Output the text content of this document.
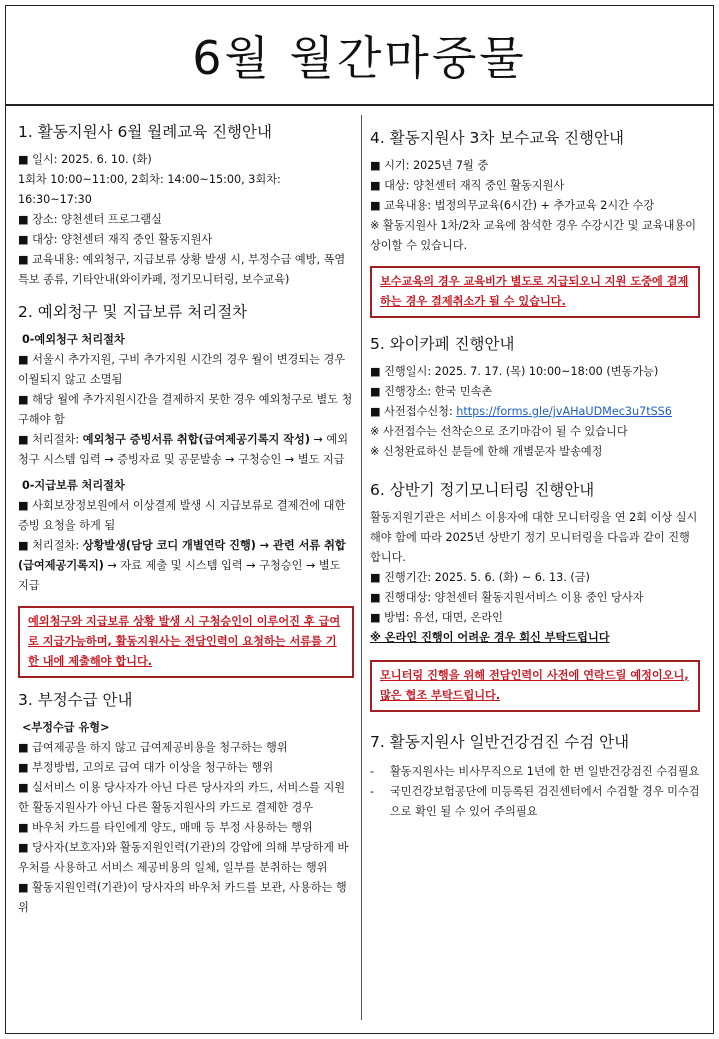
6월 월간마중물
1. 활동지원사 6월 월례교육 진행안내
■ 일시: 2025. 6. 10. (화)
1회차 10:00~11:00, 2회차: 14:00~15:00, 3회차: 16:30~17:30
■ 장소: 양천센터 프로그램실
■ 대상: 양천센터 재직 중인 활동지원사
■ 교육내용: 예외청구, 지급보류 상황 발생 시, 부정수급 예방, 폭염특보 종류, 기타안내(와이카페, 정기모니터링, 보수교육)
2. 예외청구 및 지급보류 처리절차
0-예외청구 처리절차
■ 서울시 추가지원, 구비 추가지원 시간의 경우 월이 변경되는 경우 이월되지 않고 소멸됨
■ 해당 월에 추가지원시간을 결제하지 못한 경우 예외청구로 별도 청구해야 함
■ 처리절차: 예외청구 증빙서류 취합(급여제공기록지 작성) → 예외청구 시스템 입력 → 증빙자료 및 공문발송 → 구청승인 → 별도 지급
0-지급보류 처리절차
■ 사회보장정보원에서 이상결제 발생 시 지급보류로 결제건에 대한 증빙 요청을 하게 됨
■ 처리절차: 상황발생(담당 코디 개별연락 진행) → 관련 서류 취합(급여제공기록지) → 자료 제출 및 시스템 입력 → 구청승인 → 별도 지급
예외청구와 지급보류 상황 발생 시 구청승인이 이루어진 후 급여로 지급가능하며, 활동지원사는 전담인력이 요청하는 서류를 기한 내에 제출해야 합니다.
3. 부정수급 안내
<부정수급 유형>
■ 급여제공을 하지 않고 급여제공비용을 청구하는 행위
■ 부정방법, 고의로 급여 대가 이상을 청구하는 행위
■ 실서비스 이용 당사자가 아닌 다른 당사자의 카드, 서비스를 지원한 활동지원사가 아닌 다른 활동지원사의 카드로 결제한 경우
■ 바우처 카드를 타인에게 양도, 매매 등 부정 사용하는 행위
■ 당사자(보호자)와 활동지원인력(기관)의 강압에 의해 부당하게 바우처를 사용하고 서비스 제공비용의 일체, 일부를 분취하는 행위
■ 활동지원인력(기관)이 당사자의 바우처 카드를 보관, 사용하는 행위
4. 활동지원사 3차 보수교육 진행안내
■ 시기: 2025년 7월 중
■ 대상: 양천센터 재직 중인 활동지원사
■ 교육내용: 법정의무교육(6시간) + 추가교육 2시간 수강
※ 활동지원사 1차/2차 교육에 참석한 경우 수강시간 및 교육내용이 상이할 수 있습니다.
보수교육의 경우 교육비가 별도로 지급되오니 지원 도중에 결제하는 경우 결제취소가 될 수 있습니다.
5. 와이카페 진행안내
■ 진행일시: 2025. 7. 17. (목) 10:00~18:00 (변동가능)
■ 진행장소: 한국 민속촌
■ 사전접수신청: https://forms.gle/jvAHaUDMec3u7tSS6
※ 사전접수는 선착순으로 조기마감이 될 수 있습니다
※ 신청완료하신 분들에 한해 개별문자 발송예정
6. 상반기 정기모니터링 진행안내
활동지원기관은 서비스 이용자에 대한 모니터링을 연 2회 이상 실시해야 함에 따라 2025년 상반기 정기 모니터링을 다음과 같이 진행합니다.
■ 진행기간: 2025. 5. 6. (화) ~ 6. 13. (금)
■ 진행대상: 양천센터 활동지원서비스 이용 중인 당사자
■ 방법: 유선, 대면, 온라인
※ 온라인 진행이 어려운 경우 회신 부탁드립니다
모니터링 진행을 위해 전담인력이 사전에 연락드릴 예정이오니, 많은 협조 부탁드립니다.
7. 활동지원사 일반건강검진 수검 안내
-	활동지원사는 비사무직으로 1년에 한 번 일반건강검진 수검필요
-	국민건강보험공단에 미등록된 검진센터에서 수검할 경우 미수검으로 확인 될 수 있어 주의필요
